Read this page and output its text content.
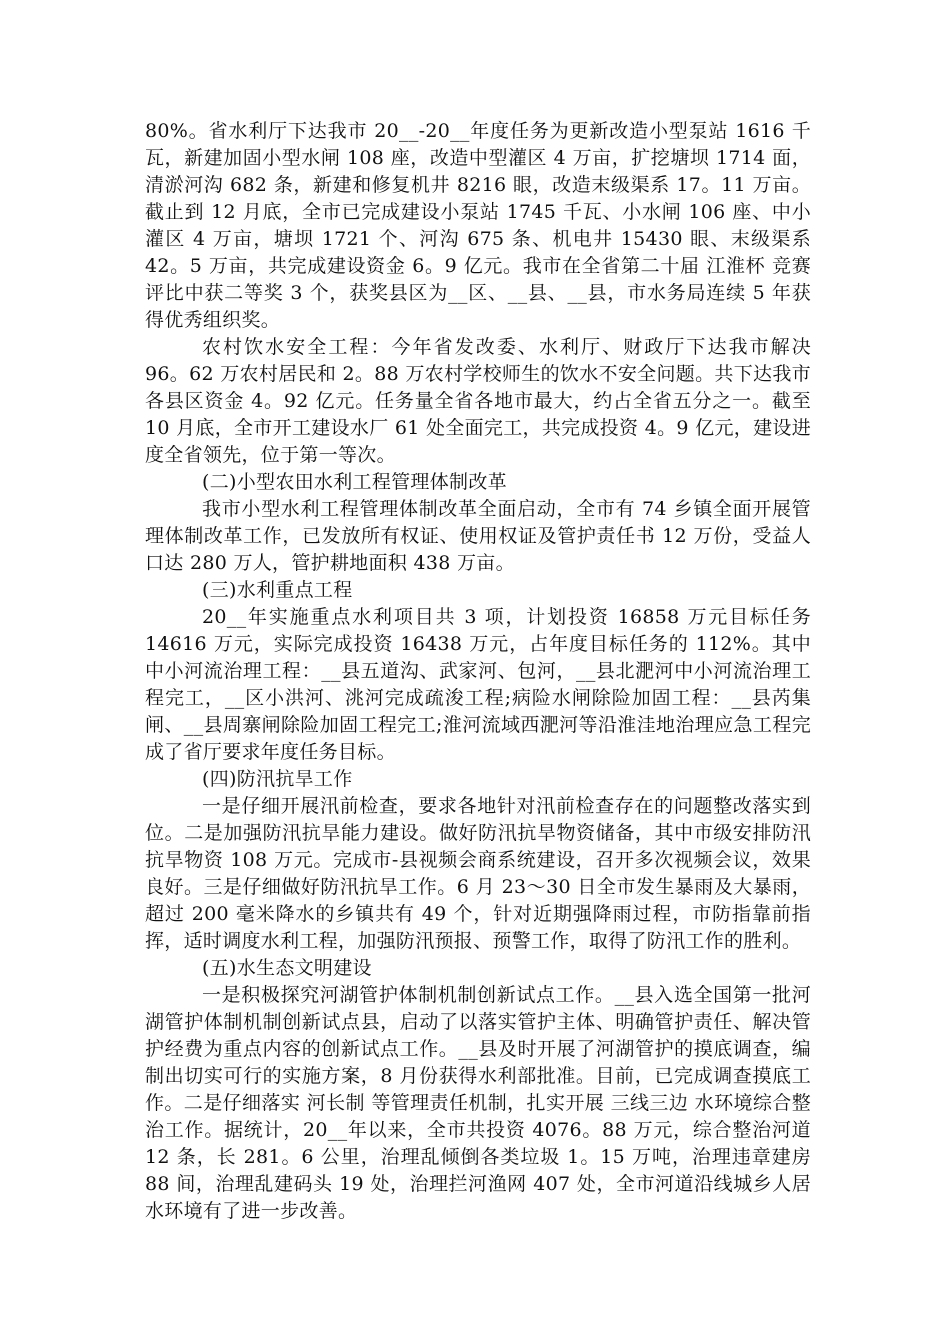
80%。省水利厅下达我市 20__-20__年度任务为更新改造小型泵站 1616 千瓦，新建加固小型水闸 108 座，改造中型灌区 4 万亩，扩挖塘坝 1714 面，清淤河沟 682 条，新建和修复机井 8216 眼，改造末级渠系 17。11 万亩。截止到 12 月底，全市已完成建设小泵站 1745 千瓦、小水闸 106 座、中小灌区 4 万亩，塘坝 1721 个、河沟 675 条、机电井 15430 眼、末级渠系 42。5 万亩，共完成建设资金 6。9 亿元。我市在全省第二十届 江淮杯 竞赛评比中获二等奖 3 个，获奖县区为__区、__县、__县，市水务局连续 5 年获得优秀组织奖。

农村饮水安全工程：今年省发改委、水利厅、财政厅下达我市解决 96。62 万农村居民和 2。88 万农村学校师生的饮水不安全问题。共下达我市各县区资金 4。92 亿元。任务量全省各地市最大，约占全省五分之一。截至 10 月底，全市开工建设水厂 61 处全面完工，共完成投资 4。9 亿元，建设进度全省领先，位于第一等次。

(二)小型农田水利工程管理体制改革

我市小型水利工程管理体制改革全面启动，全市有 74 乡镇全面开展管理体制改革工作，已发放所有权证、使用权证及管护责任书 12 万份，受益人口达 280 万人，管护耕地面积 438 万亩。

(三)水利重点工程

20__年实施重点水利项目共 3 项，计划投资 16858 万元目标任务 14616 万元，实际完成投资 16438 万元，占年度目标任务的 112%。其中中小河流治理工程：__县五道沟、武家河、包河，__县北淝河中小河流治理工程完工，__区小洪河、洮河完成疏浚工程;病险水闸除险加固工程：__县芮集闸、__县周寨闸除险加固工程完工;淮河流域西淝河等沿淮洼地治理应急工程完成了省厅要求年度任务目标。

(四)防汛抗旱工作

一是仔细开展汛前检查，要求各地针对汛前检查存在的问题整改落实到位。二是加强防汛抗旱能力建设。做好防汛抗旱物资储备，其中市级安排防汛抗旱物资 108 万元。完成市-县视频会商系统建设，召开多次视频会议，效果良好。三是仔细做好防汛抗旱工作。6 月 23～30 日全市发生暴雨及大暴雨，超过 200 毫米降水的乡镇共有 49 个，针对近期强降雨过程，市防指靠前指挥，适时调度水利工程，加强防汛预报、预警工作，取得了防汛工作的胜利。

(五)水生态文明建设

一是积极探究河湖管护体制机制创新试点工作。__县入选全国第一批河湖管护体制机制创新试点县，启动了以落实管护主体、明确管护责任、解决管护经费为重点内容的创新试点工作。__县及时开展了河湖管护的摸底调查，编制出切实可行的实施方案，8 月份获得水利部批准。目前，已完成调查摸底工作。二是仔细落实 河长制 等管理责任机制，扎实开展 三线三边 水环境综合整治工作。据统计，20__年以来，全市共投资 4076。88 万元，综合整治河道 12 条，长 281。6 公里，治理乱倾倒各类垃圾 1。15 万吨，治理违章建房 88 间，治理乱建码头 19 处，治理拦河渔网 407 处，全市河道沿线城乡人居水环境有了进一步改善。
